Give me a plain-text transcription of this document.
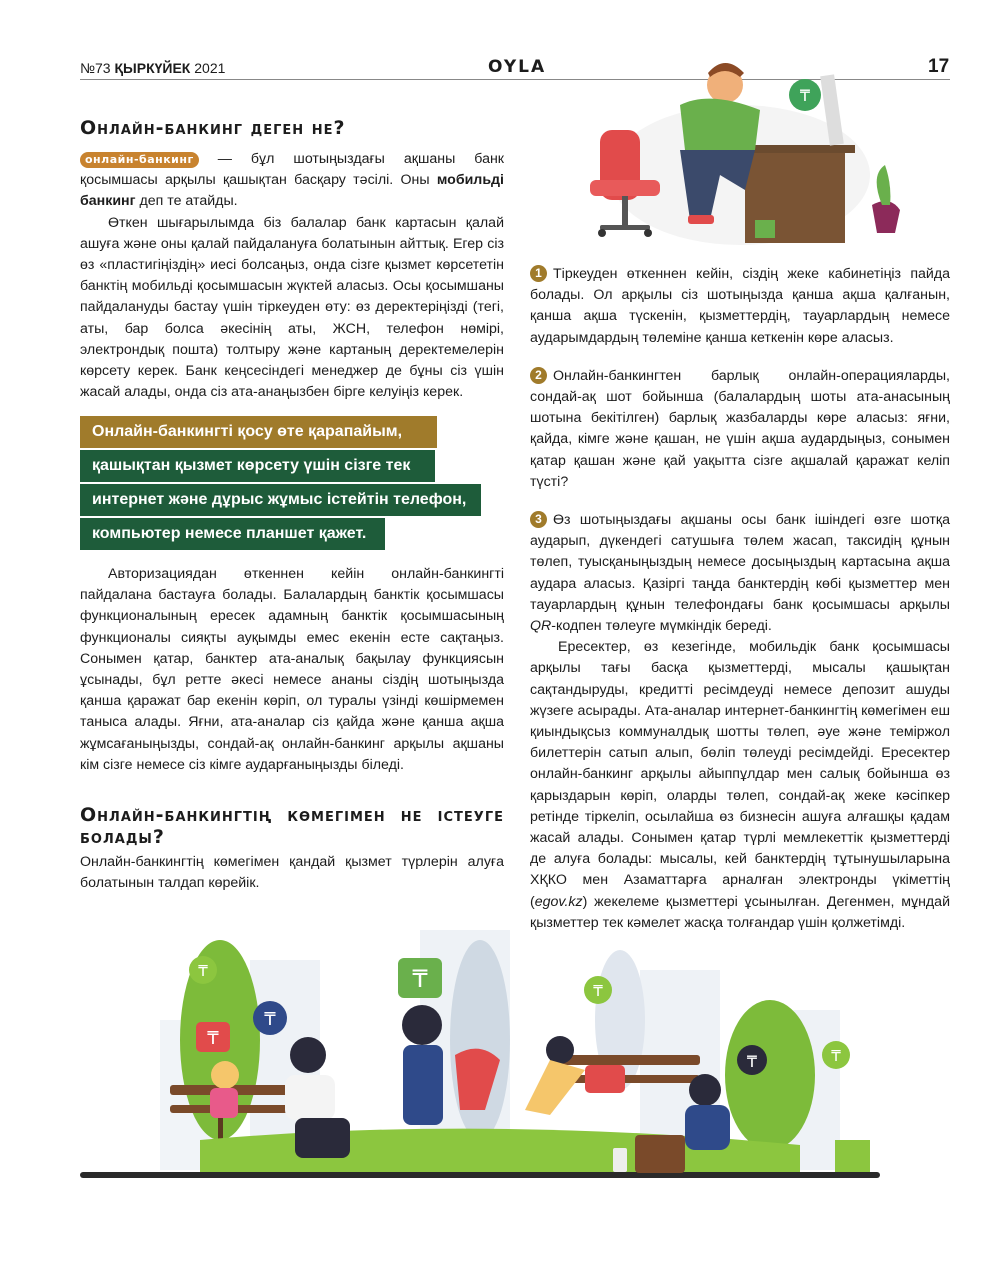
№73 ҚЫРКҮЙЕК 2021	OYLA	17
Онлайн-банкинг деген не?

онлайн-банкинг — бұл шотыңыздағы ақшаны банк қосымшасы арқылы қашықтан басқару тәсілі. Оны мобильді банкинг деп те атайды.

Өткен шығарылымда біз балалар банк картасын қалай ашуға және оны қалай пайдалануға болатынын айттық. Егер сіз өз «пластигіңіздің» иесі болсаңыз, онда сізге қызмет көрсететін банктің мобильді қосымшасын жүктей аласыз. Осы қосымшаны пайдалануды бастау үшін тіркеуден өту: өз деректеріңізді (тегі, аты, бар болса әкесінің аты, ЖСН, телефон нөмірі, электрондық пошта) толтыру және картаның деректемелерін көрсету керек. Банк кеңсесіндегі менеджер де бұны сіз үшін жасай алады, онда сіз ата-анаңызбен бірге келуіңіз керек.

Онлайн-банкингті қосу өте қарапайым,
қашықтан қызмет көрсету үшін сізге тек
интернет және дұрыс жұмыс істейтін телефон,
компьютер немесе планшет қажет.

Авторизациядан өткеннен кейін онлайн-банкингті пайдалана бастауға болады. Балалардың банктік қосымшасы функционалының ересек адамның банктік қосымшасының функционалы сияқты ауқымды емес екенін есте сақтаңыз. Сонымен қатар, банктер ата-аналық бақылау функциясын ұсынады, бұл ретте әкесі немесе ананы сіздің шотыңызда қанша қаражат бар екенін көріп, ол туралы үзінді көшірмемен таныса алады. Яғни, ата-аналар сіз қайда және қанша ақша жұмсағаныңызды, сондай-ақ онлайн-банкинг арқылы ақшаны кім сізге немесе сіз кімге аударғаныңызды біледі.

Онлайн-банкингтің көмегімен не істеуге болады?

Онлайн-банкингтің көмегімен қандай қызмет түрлерін алуға болатынын талдап көрейік.

1 Тіркеуден өткеннен кейін, сіздің жеке кабинетіңіз пайда болады. Ол арқылы сіз шотыңызда қанша ақша қалғанын, қанша ақша түскенін, қызметтердің, тауарлардың немесе аударымдардың төлеміне қанша кеткенін көре аласыз.

2 Онлайн-банкингтен барлық онлайн-операцияларды, сондай-ақ шот бойынша (балалардың шоты ата-анасының шотына бекітілген) барлық жазбаларды көре аласыз: яғни, қайда, кімге және қашан, не үшін ақша аудардыңыз, сонымен қатар қашан және қай уақытта сізге ақшалай қаражат келіп түсті?

3 Өз шотыңыздағы ақшаны осы банк ішіндегі өзге шотқа аударып, дүкендегі сатушыға төлем жасап, таксидің құнын төлеп, туысқаныңыздың немесе досыңыздың картасына ақша аудара аласыз. Қазіргі таңда банктердің көбі қызметтер мен тауарлардың құнын телефондағы банк қосымшасы арқылы QR-кодпен төлеуге мүмкіндік береді.

Ересектер, өз кезегінде, мобильдік банк қосымшасы арқылы тағы басқа қызметтерді, мысалы қашықтан сақтандыруды, кредитті ресімдеуді немесе депозит ашуды жүзеге асырады. Ата-аналар интернет-банкингтің көмегімен еш қиындықсыз коммуналдық шотты төлеп, әуе және теміржол билеттерін сатып алып, бөліп төлеуді ресімдейді. Ересектер онлайн-банкинг арқылы айыппұлдар мен салық бойынша өз қарыздарын көріп, оларды төлеп, сондай-ақ жеке кәсіпкер ретінде тіркеліп, осылайша өз бизнесін ашуға алғашқы қадам жасай алады. Сонымен қатар түрлі мемлекеттік қызметтерді де алуға болады: мысалы, кей банктердің тұтынушыларына ХҚКО мен Азаматтарға арналған электронды үкіметтің (egov.kz) жекелеме қызметтері ұсынылған. Дегенмен, мұндай қызметтер тек кәмелет жасқа толғандар үшін қолжетімді.

₸
₸
₸
₸
₸
₸
₸	₸
